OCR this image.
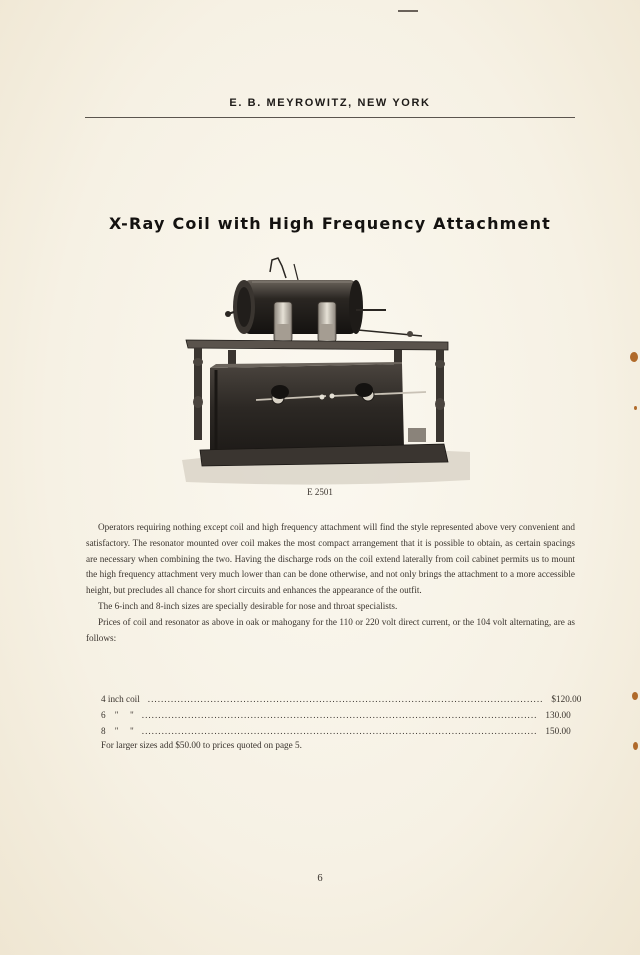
E. B. MEYROWITZ, NEW YORK
X-Ray Coil with High Frequency Attachment
E 2501

Operators requiring nothing except coil and high frequency attachment will find the style represented above very convenient and satisfactory. The resonator mounted over coil makes the most compact arrangement that it is possible to obtain, as certain spacings are necessary when combining the two. Having the discharge rods on the coil extend laterally from coil cabinet permits us to mount the high frequency attachment very much lower than can be done otherwise, and not only brings the attachment to a more accessible height, but precludes all chance for short circuits and enhances the appearance of the outfit.

The 6-inch and 8-inch sizes are specially desirable for nose and throat specialists.

Prices of coil and resonator as above in oak or mahogany for the 110 or 220 volt direct current, or the 104 volt alternating, are as follows:

4 inch coil ........................................................................................................................ $120.00
6    "     " ........................................................................................................................ 130.00
8    "     " ........................................................................................................................ 150.00
For larger sizes add $50.00 to prices quoted on page 5.
6
